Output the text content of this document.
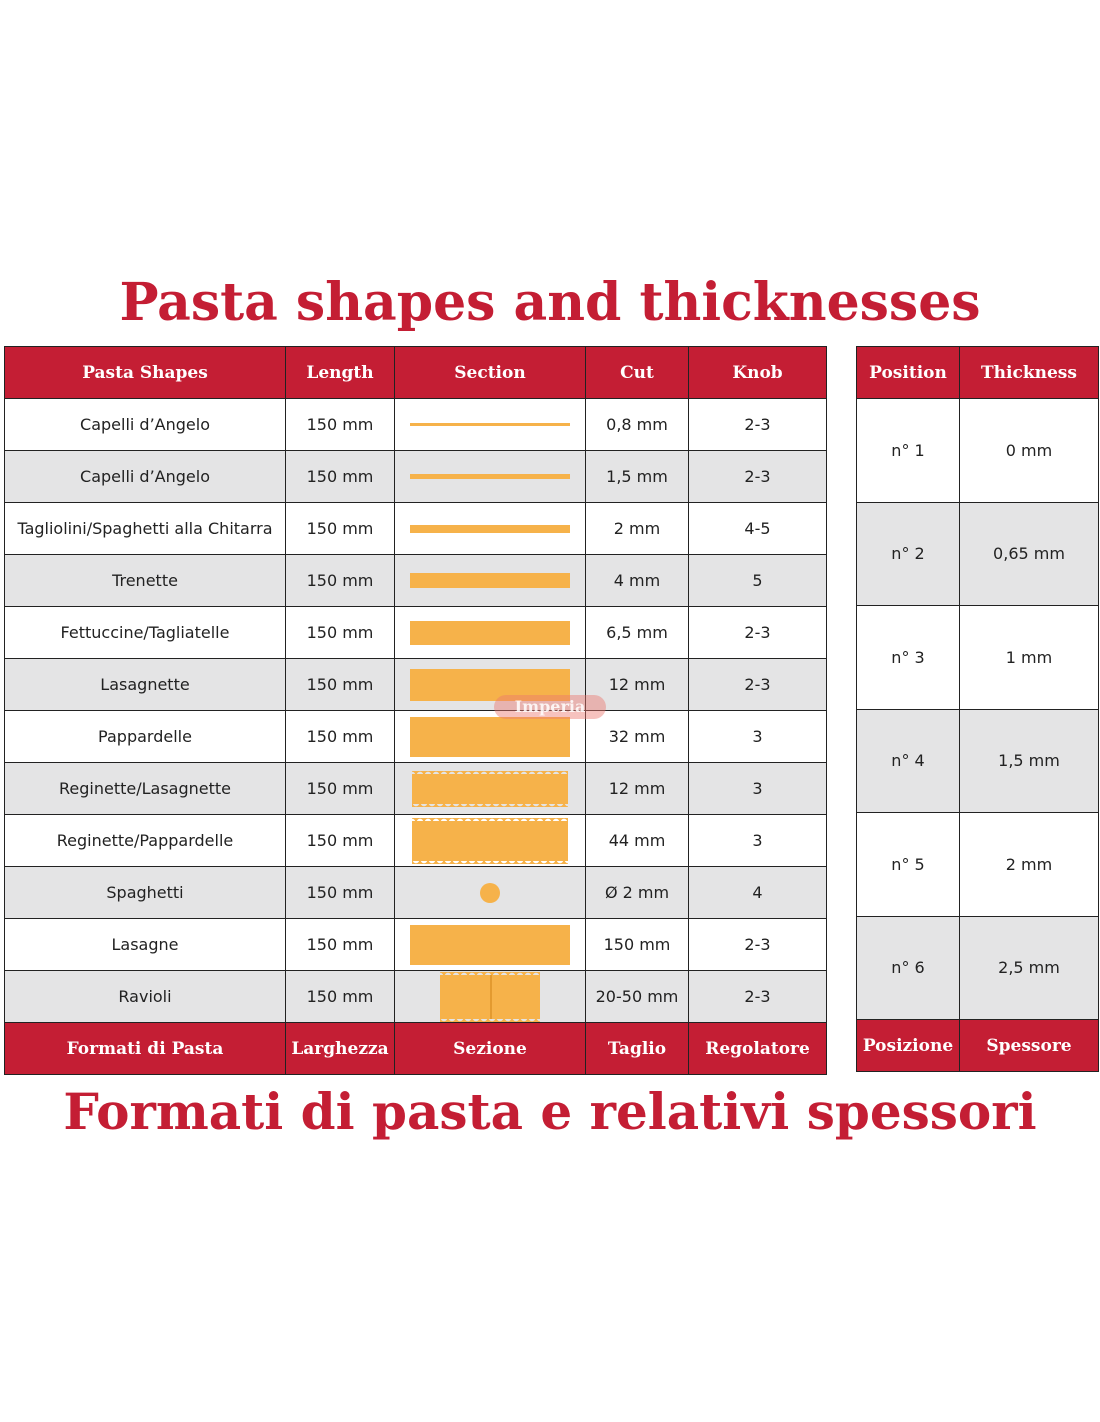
Pasta shapes and thicknesses
Pasta Shapes	Length	Section	Cut	Knob
Capelli d’Angelo	150 mm		0,8 mm	2-3
Capelli d’Angelo	150 mm		1,5 mm	2-3
Tagliolini/Spaghetti alla Chitarra	150 mm		2 mm	4-5
Trenette	150 mm		4 mm	5
Fettuccine/Tagliatelle	150 mm		6,5 mm	2-3
Lasagnette	150 mm		12 mm	2-3
Pappardelle	150 mm		32 mm	3
Reginette/Lasagnette	150 mm		12 mm	3
Reginette/Pappardelle	150 mm		44 mm	3
Spaghetti	150 mm		Ø 2 mm	4
Lasagne	150 mm		150 mm	2-3
Ravioli	150 mm		20-50 mm	2-3
Formati di Pasta	Larghezza	Sezione	Taglio	Regolatore
Position	Thickness
n° 1	0 mm
n° 2	0,65 mm
n° 3	1 mm
n° 4	1,5 mm
n° 5	2 mm
n° 6	2,5 mm
Posizione	Spessore
Imperia
Formati di pasta e relativi spessori
